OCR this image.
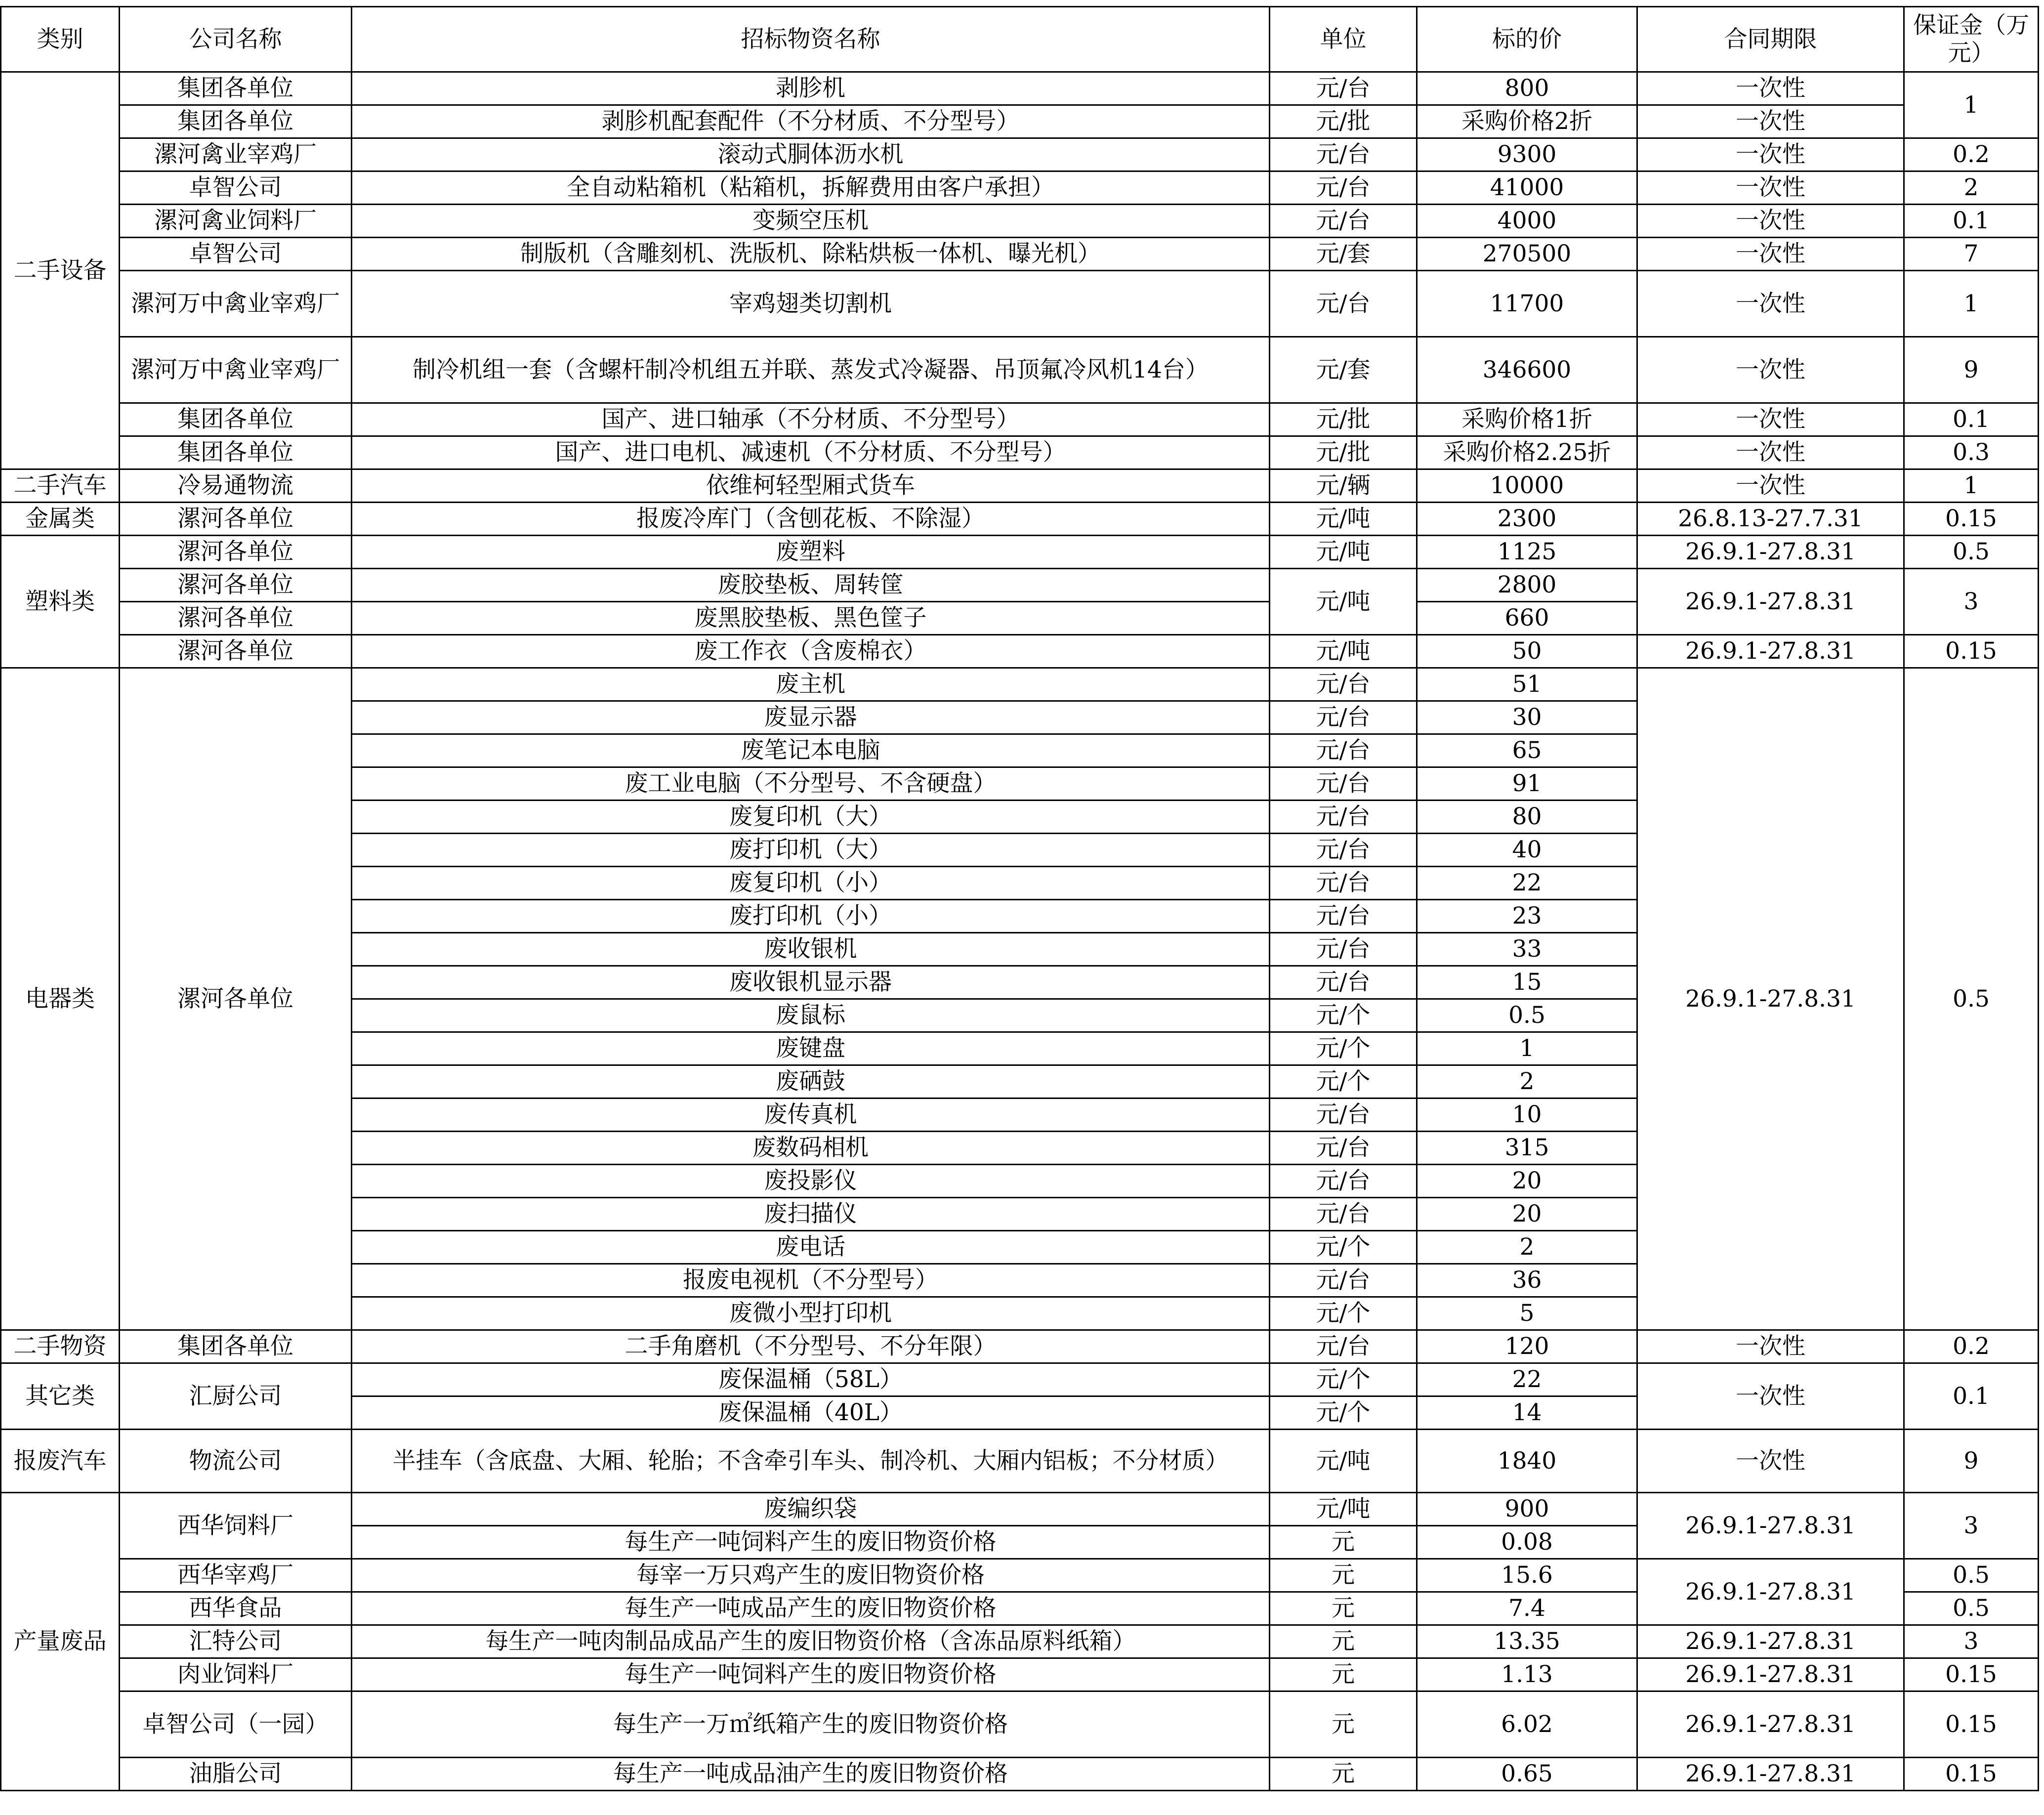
类别	公司名称	招标物资名称	单位	标的价	合同期限	保证金（万元）
二手设备	集团各单位	剥胗机	元/台	800	一次性	1
	集团各单位	剥胗机配套配件（不分材质、不分型号）	元/批	采购价格2折	一次性	
	漯河禽业宰鸡厂	滚动式胴体沥水机	元/台	9300	一次性	0.2
	卓智公司	全自动粘箱机（粘箱机，拆解费用由客户承担）	元/台	41000	一次性	2
	漯河禽业饲料厂	变频空压机	元/台	4000	一次性	0.1
	卓智公司	制版机（含雕刻机、洗版机、除粘烘板一体机、曝光机）	元/套	270500	一次性	7
	漯河万中禽业宰鸡厂	宰鸡翅类切割机	元/台	11700	一次性	1
	漯河万中禽业宰鸡厂	制冷机组一套（含螺杆制冷机组五并联、蒸发式冷凝器、吊顶氟冷风机14台）	元/套	346600	一次性	9
	集团各单位	国产、进口轴承（不分材质、不分型号）	元/批	采购价格1折	一次性	0.1
	集团各单位	国产、进口电机、减速机（不分材质、不分型号）	元/批	采购价格2.25折	一次性	0.3
二手汽车	冷易通物流	依维柯轻型厢式货车	元/辆	10000	一次性	1
金属类	漯河各单位	报废冷库门（含刨花板、不除湿）	元/吨	2300	26.8.13-27.7.31	0.15
塑料类	漯河各单位	废塑料	元/吨	1125	26.9.1-27.8.31	0.5
	漯河各单位	废胶垫板、周转筐	元/吨	2800	26.9.1-27.8.31	3
	漯河各单位	废黑胶垫板、黑色筐子		660		
	漯河各单位	废工作衣（含废棉衣）	元/吨	50	26.9.1-27.8.31	0.15
电器类	漯河各单位	废主机	元/台	51	26.9.1-27.8.31	0.5
		废显示器	元/台	30		
		废笔记本电脑	元/台	65		
		废工业电脑（不分型号、不含硬盘）	元/台	91		
		废复印机（大）	元/台	80		
		废打印机（大）	元/台	40		
		废复印机（小）	元/台	22		
		废打印机（小）	元/台	23		
		废收银机	元/台	33		
		废收银机显示器	元/台	15		
		废鼠标	元/个	0.5		
		废键盘	元/个	1		
		废硒鼓	元/个	2		
		废传真机	元/台	10		
		废数码相机	元/台	315		
		废投影仪	元/台	20		
		废扫描仪	元/台	20		
		废电话	元/个	2		
		报废电视机（不分型号）	元/台	36		
		废微小型打印机	元/个	5		
二手物资	集团各单位	二手角磨机（不分型号、不分年限）	元/台	120	一次性	0.2
其它类	汇厨公司	废保温桶（58L）	元/个	22	一次性	0.1
		废保温桶（40L）	元/个	14		
报废汽车	物流公司	半挂车（含底盘、大厢、轮胎；不含牵引车头、制冷机、大厢内铝板；不分材质）	元/吨	1840	一次性	9
产量废品	西华饲料厂	废编织袋	元/吨	900	26.9.1-27.8.31	3
		每生产一吨饲料产生的废旧物资价格	元	0.08		
	西华宰鸡厂	每宰一万只鸡产生的废旧物资价格	元	15.6	26.9.1-27.8.31	0.5
	西华食品	每生产一吨成品产生的废旧物资价格	元	7.4		0.5
	汇特公司	每生产一吨肉制品成品产生的废旧物资价格（含冻品原料纸箱）	元	13.35	26.9.1-27.8.31	3
	肉业饲料厂	每生产一吨饲料产生的废旧物资价格	元	1.13	26.9.1-27.8.31	0.15
	卓智公司（一园）	每生产一万㎡纸箱产生的废旧物资价格	元	6.02	26.9.1-27.8.31	0.15
	油脂公司	每生产一吨成品油产生的废旧物资价格	元	0.65	26.9.1-27.8.31	0.15
